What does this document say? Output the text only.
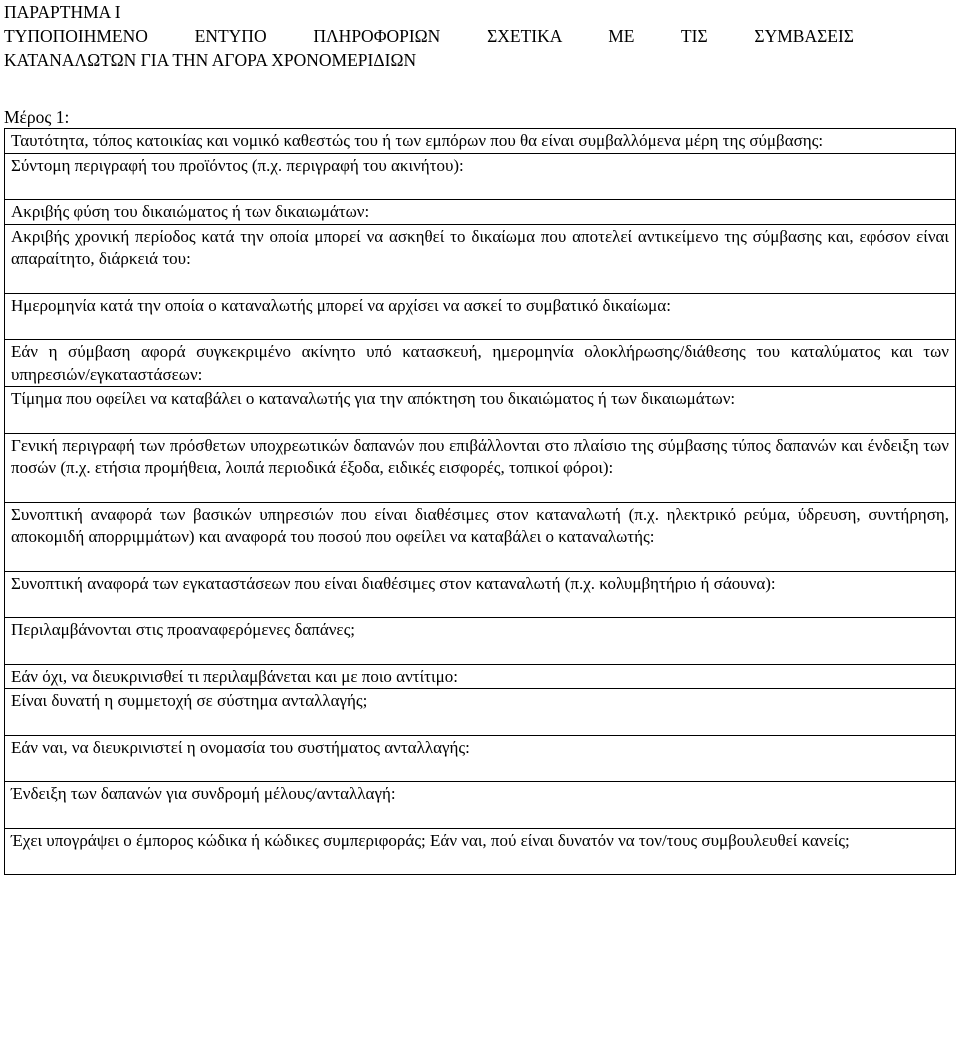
ΠΑΡΑΡΤΗΜΑ Ι
ΤΥΠΟΠΟΙΗΜΕΝΟ ΕΝΤΥΠΟ ΠΛΗΡΟΦΟΡΙΩΝ ΣΧΕΤΙΚΑ ΜΕ ΤΙΣ ΣΥΜΒΑΣΕΙΣ
ΚΑΤΑΝΑΛΩΤΩΝ ΓΙΑ ΤΗΝ ΑΓΟΡΑ ΧΡΟΝΟΜΕΡΙΔΙΩΝ
Μέρος 1:
Ταυτότητα, τόπος κατοικίας και νομικό καθεστώς του ή των εμπόρων που θα είναι συμβαλλόμενα μέρη της σύμβασης:
Σύντομη περιγραφή του προϊόντος (π.χ. περιγραφή του ακινήτου):
Ακριβής φύση του δικαιώματος ή των δικαιωμάτων:
Ακριβής χρονική περίοδος κατά την οποία μπορεί να ασκηθεί το δικαίωμα που αποτελεί αντικείμενο της σύμβασης και, εφόσον είναι απαραίτητο, διάρκειά του:
Ημερομηνία κατά την οποία ο καταναλωτής μπορεί να αρχίσει να ασκεί το συμβατικό δικαίωμα:
Εάν η σύμβαση αφορά συγκεκριμένο ακίνητο υπό κατασκευή, ημερομηνία ολοκλήρωσης/διάθεσης του καταλύματος και των υπηρεσιών/εγκαταστάσεων:
Τίμημα που οφείλει να καταβάλει ο καταναλωτής για την απόκτηση του δικαιώματος ή των δικαιωμάτων:
Γενική περιγραφή των πρόσθετων υποχρεωτικών δαπανών που επιβάλλονται στο πλαίσιο της σύμβασης τύπος δαπανών και ένδειξη των ποσών (π.χ. ετήσια προμήθεια, λοιπά περιοδικά έξοδα, ειδικές εισφορές, τοπικοί φόροι):
Συνοπτική αναφορά των βασικών υπηρεσιών που είναι διαθέσιμες στον καταναλωτή (π.χ. ηλεκτρικό ρεύμα, ύδρευση, συντήρηση, αποκομιδή απορριμμάτων) και αναφορά του ποσού που οφείλει να καταβάλει ο καταναλωτής:
Συνοπτική αναφορά των εγκαταστάσεων που είναι διαθέσιμες στον καταναλωτή (π.χ. κολυμβητήριο ή σάουνα):
Περιλαμβάνονται στις προαναφερόμενες δαπάνες;
Εάν όχι, να διευκρινισθεί τι περιλαμβάνεται και με ποιο αντίτιμο:
Είναι δυνατή η συμμετοχή σε σύστημα ανταλλαγής;
Εάν ναι, να διευκρινιστεί η ονομασία του συστήματος ανταλλαγής:
Ένδειξη των δαπανών για συνδρομή μέλους/ανταλλαγή:
Έχει υπογράψει ο έμπορος κώδικα ή κώδικες συμπεριφοράς; Εάν ναι, πού είναι δυνατόν να τον/τους συμβουλευθεί κανείς;
